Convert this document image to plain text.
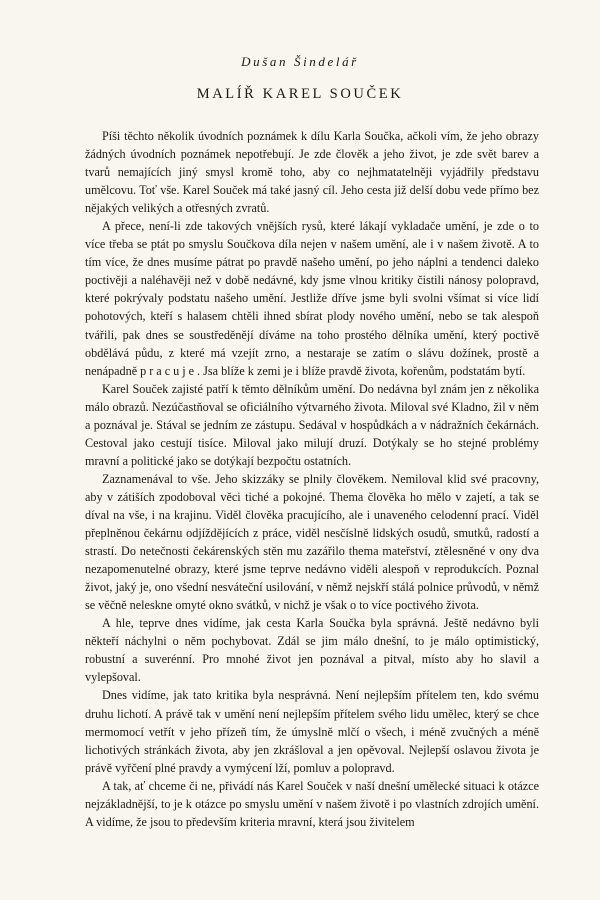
Dušan Šindelář
MALÍŘ KAREL SOUČEK

Píši těchto několik úvodních poznámek k dílu Karla Součka, ačkoli vím, že jeho obrazy žádných úvodních poznámek nepotřebují. Je zde člověk a jeho život, je zde svět barev a tvarů nemajících jiný smysl kromě toho, aby co nejhmatatelněji vyjádřily představu umělcovu. Toť vše. Karel Souček má také jasný cíl. Jeho cesta již delší dobu vede přímo bez nějakých velikých a otřesných zvratů.

A přece, není-li zde takových vnějších rysů, které lákají vykladače umění, je zde o to více třeba se ptát po smyslu Součkova díla nejen v našem umění, ale i v našem životě. A to tím více, že dnes musíme pátrat po pravdě našeho umění, po jeho náplni a tendenci daleko poctivěji a naléhavěji než v době nedávné, kdy jsme vlnou kritiky čistili nánosy polopravd, které pokrývaly podstatu našeho umění. Jestliže dříve jsme byli svolni všímat si více lidí pohotových, kteří s halasem chtěli ihned sbírat plody nového umění, nebo se tak alespoň tvářili, pak dnes se soustředěnějí díváme na toho prostého dělníka umění, který poctivě obdělává půdu, z které má vzejít zrno, a nestaraje se zatím o slávu dožínek, prostě a nenápadně pracuje. Jsa blíže k zemi je i blíže pravdě života, kořenům, podstatám bytí.

Karel Souček zajisté patří k těmto dělníkům umění. Do nedávna byl znám jen z několika málo obrazů. Nezúčastňoval se oficiálního výtvarného života. Miloval své Kladno, žil v něm a poznával je. Stával se jedním ze zástupu. Sedával v hospůdkách a v nádražních čekárnách. Cestoval jako cestují tisíce. Miloval jako milují druzí. Dotýkaly se ho stejné problémy mravní a politické jako se dotýkají bezpočtu ostatních.

Zaznamenával to vše. Jeho skizzáky se plnily člověkem. Nemiloval klid své pracovny, aby v zátiších zpodoboval věci tiché a pokojné. Thema člověka ho mělo v zajetí, a tak se díval na vše, i na krajinu. Viděl člověka pracujícího, ale i unaveného celodenní prací. Viděl přeplněnou čekárnu odjíždějících z práce, viděl nesčíslně lidských osudů, smutků, radostí a strastí. Do netečnosti čekárenských stěn mu zazářilo thema mateřství, ztělesněné v ony dva nezapomenutelné obrazy, které jsme teprve nedávno viděli alespoň v reprodukcích. Poznal život, jaký je, ono všední nesváteční usilování, v němž nejskří stálá polnice průvodů, v němž se věčně neleskne omyté okno svátků, v nichž je však o to více poctivého života.

A hle, teprve dnes vidíme, jak cesta Karla Součka byla správná. Ještě nedávno byli někteří náchylni o něm pochybovat. Zdál se jim málo dnešní, to je málo optimistický, robustní a suverénní. Pro mnohé život jen poznával a pitval, místo aby ho slavil a vylepšoval.

Dnes vidíme, jak tato kritika byla nesprávná. Není nejlepším přítelem ten, kdo svému druhu lichotí. A právě tak v umění není nejlepším přítelem svého lidu umělec, který se chce mermomocí vetřít v jeho přízeň tím, že úmyslně mlčí o všech, i méně zvučných a méně lichotivých stránkách života, aby jen zkrášloval a jen opěvoval. Nejlepší oslavou života je právě vyřčení plné pravdy a vymýcení lží, pomluv a polopravd.

A tak, ať chceme či ne, přivádí nás Karel Souček v naší dnešní umělecké situaci k otázce nejzákladnější, to je k otázce po smyslu umění v našem životě i po vlastních zdrojích umění. A vidíme, že jsou to především kriteria mravní, která jsou živitelem
